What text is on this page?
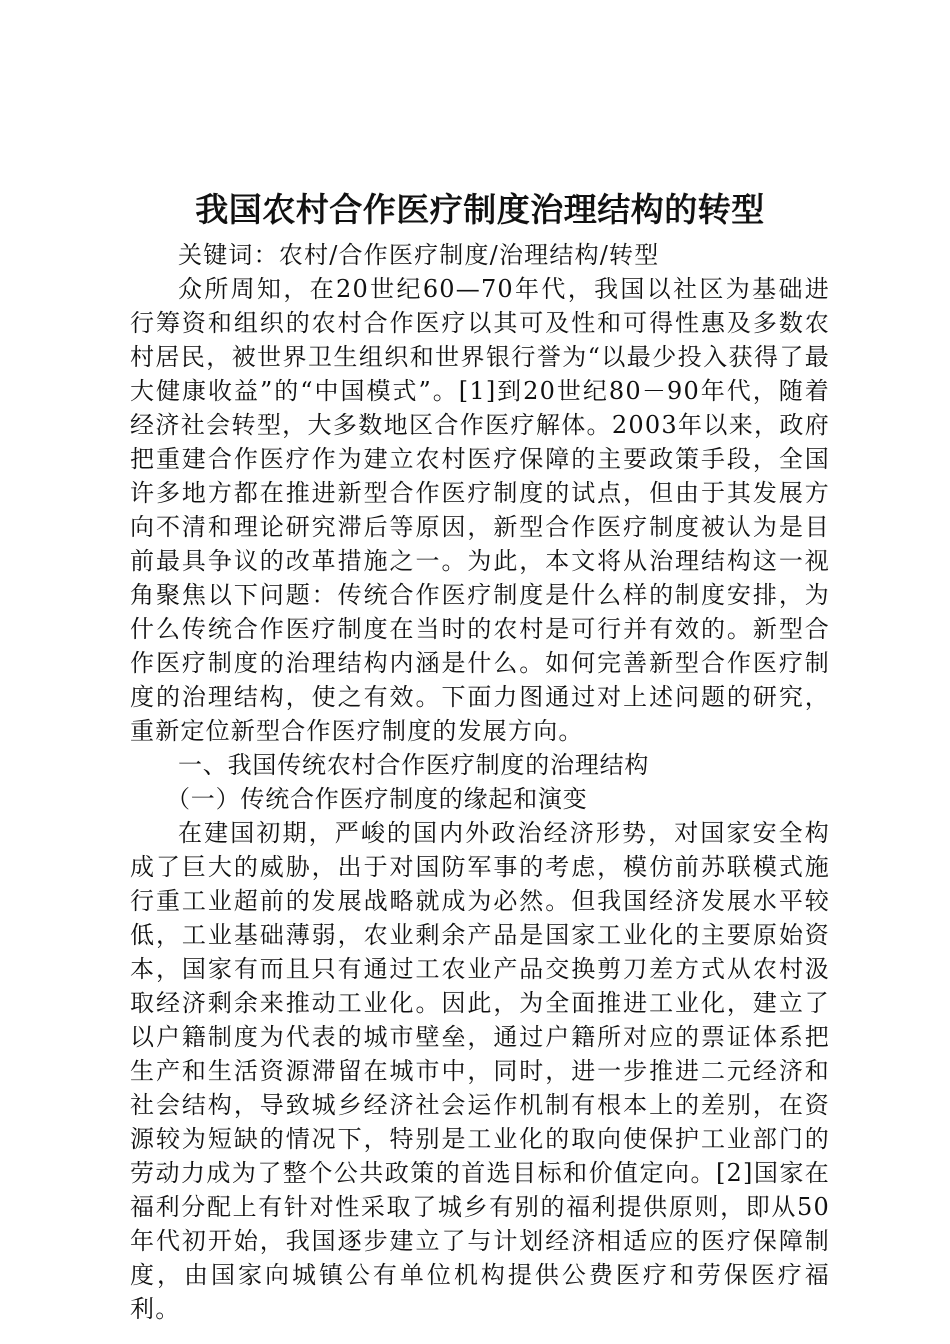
我国农村合作医疗制度治理结构的转型

关键词：农村/合作医疗制度/治理结构/转型

众所周知，在20世纪60—70年代，我国以社区为基础进行筹资和组织的农村合作医疗以其可及性和可得性惠及多数农村居民，被世界卫生组织和世界银行誉为“以最少投入获得了最大健康收益”的“中国模式”。[1]到20世纪80－90年代，随着经济社会转型，大多数地区合作医疗解体。2003年以来，政府把重建合作医疗作为建立农村医疗保障的主要政策手段，全国许多地方都在推进新型合作医疗制度的试点，但由于其发展方向不清和理论研究滞后等原因，新型合作医疗制度被认为是目前最具争议的改革措施之一。为此，本文将从治理结构这一视角聚焦以下问题：传统合作医疗制度是什么样的制度安排，为什么传统合作医疗制度在当时的农村是可行并有效的。新型合作医疗制度的治理结构内涵是什么。如何完善新型合作医疗制度的治理结构，使之有效。下面力图通过对上述问题的研究，重新定位新型合作医疗制度的发展方向。

一、我国传统农村合作医疗制度的治理结构

（一）传统合作医疗制度的缘起和演变

在建国初期，严峻的国内外政治经济形势，对国家安全构成了巨大的威胁，出于对国防军事的考虑，模仿前苏联模式施行重工业超前的发展战略就成为必然。但我国经济发展水平较低，工业基础薄弱，农业剩余产品是国家工业化的主要原始资本，国家有而且只有通过工农业产品交换剪刀差方式从农村汲取经济剩余来推动工业化。因此，为全面推进工业化，建立了以户籍制度为代表的城市壁垒，通过户籍所对应的票证体系把生产和生活资源滞留在城市中，同时，进一步推进二元经济和社会结构，导致城乡经济社会运作机制有根本上的差别，在资源较为短缺的情况下，特别是工业化的取向使保护工业部门的劳动力成为了整个公共政策的首选目标和价值定向。[2]国家在福利分配上有针对性采取了城乡有别的福利提供原则，即从50年代初开始，我国逐步建立了与计划经济相适应的医疗保障制度，由国家向城镇公有单位机构提供公费医疗和劳保医疗福利。
